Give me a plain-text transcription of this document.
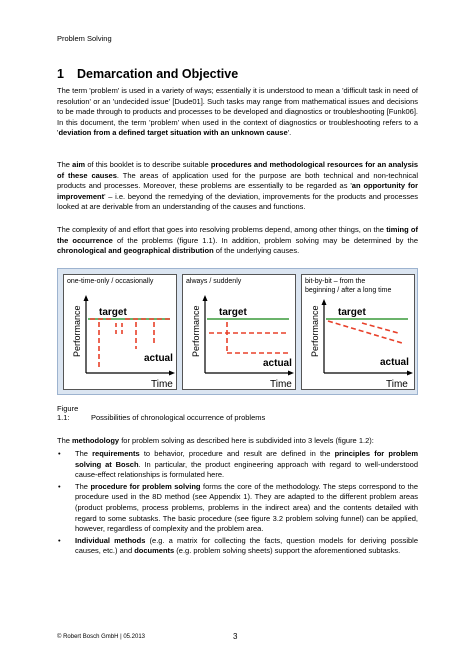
Problem Solving
1 Demarcation and Objective
The term 'problem' is used in a variety of ways; essentially it is understood to mean a 'difficult task in need of resolution' or an 'undecided issue' [Dude01]. Such tasks may range from mathematical issues and decisions to be made through to products and processes to be developed and diagnostics or troubleshooting [Funk06]. In this document, the term 'problem' when used in the context of diagnostics or troubleshooting refers to a 'deviation from a defined target situation with an unknown cause'.
The aim of this booklet is to describe suitable procedures and methodological resources for an analysis of these causes. The areas of application used for the purpose are both technical and non-technical products and processes. Moreover, these problems are essentially to be regarded as 'an opportunity for improvement' – i.e. beyond the remedying of the deviation, improvements for the products and processes looked at are derivable from an understanding of the causes and functions.
The complexity of and effort that goes into resolving problems depend, among other things, on the timing of the occurrence of the problems (figure 1.1). In addition, problem solving may be determined by the chronological and geographical distribution of the underlying causes.
one-time-only / occasionally
target
actual
Time
Performance
always / suddenly
target
actual
Time
Performance
bit-by-bit – from the
beginning / after a long time
target
actual
Time
Performance
Figure 1.1:	Possibilities of chronological occurrence of problems
The methodology for problem solving as described here is subdivided into 3 levels (figure 1.2):
• The requirements to behavior, procedure and result are defined in the principles for problem solving at Bosch. In particular, the product engineering approach with regard to well-understood cause-effect relationships is formulated here.
• The procedure for problem solving forms the core of the methodology. The steps correspond to the procedure used in the 8D method (see Appendix 1). They are adapted to the different problem areas (product problems, process problems, problems in the indirect area) and the contents detailed with regard to some subtasks. The basic procedure (see figure 3.2 problem solving funnel) can be applied, however, regardless of complexity and the problem area.
• Individual methods (e.g. a matrix for collecting the facts, question models for deriving possible causes, etc.) and documents (e.g. problem solving sheets) support the aforementioned subtasks.
© Robert Bosch GmbH | 05.2013	3
